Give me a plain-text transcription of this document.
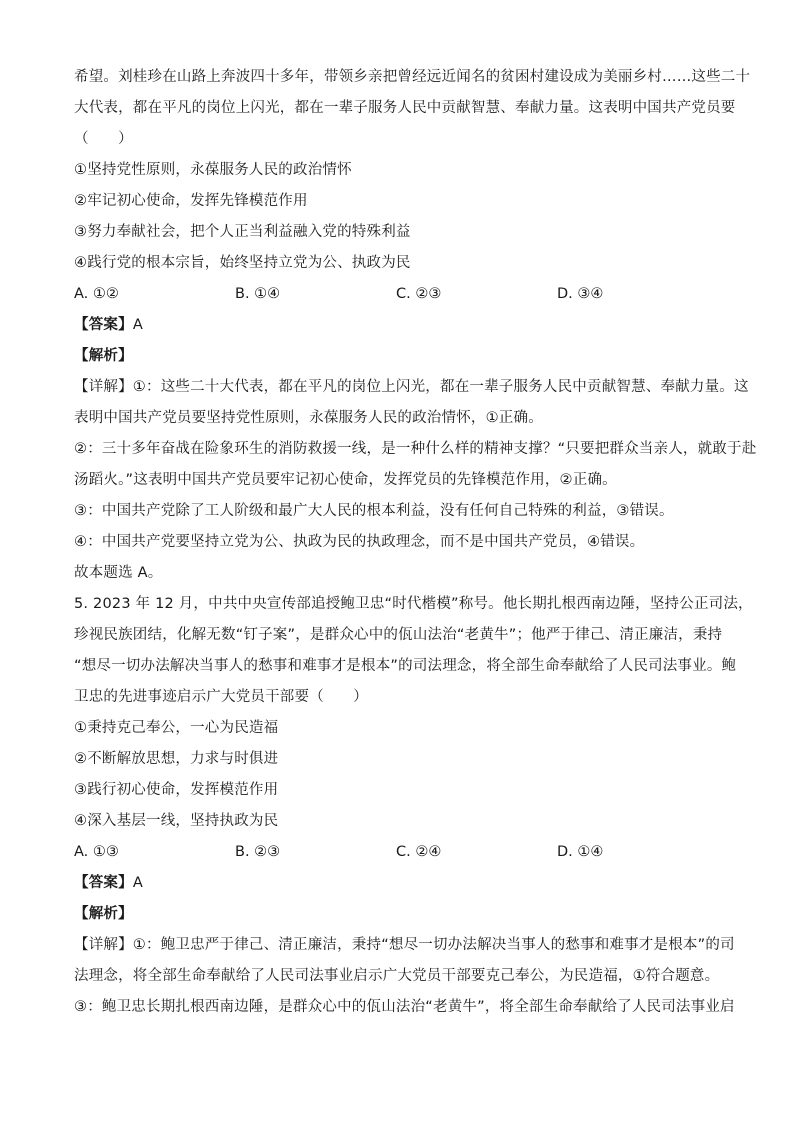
希望。刘桂珍在山路上奔波四十多年，带领乡亲把曾经远近闻名的贫困村建设成为美丽乡村……这些二十
大代表，都在平凡的岗位上闪光，都在一辈子服务人民中贡献智慧、奉献力量。这表明中国共产党员要
（　　）
①坚持党性原则，永葆服务人民的政治情怀
②牢记初心使命，发挥先锋模范作用
③努力奉献社会，把个人正当利益融入党的特殊利益
④践行党的根本宗旨，始终坚持立党为公、执政为民
A. ①②	B. ①④	C. ②③	D. ③④
【答案】A
【解析】
【详解】①：这些二十大代表，都在平凡的岗位上闪光，都在一辈子服务人民中贡献智慧、奉献力量。这
表明中国共产党员要坚持党性原则，永葆服务人民的政治情怀，①正确。
②：三十多年奋战在险象环生的消防救援一线，是一种什么样的精神支撑？“只要把群众当亲人，就敢于赴
汤蹈火。”这表明中国共产党员要牢记初心使命，发挥党员的先锋模范作用，②正确。
③：中国共产党除了工人阶级和最广大人民的根本利益，没有任何自己特殊的利益，③错误。
④：中国共产党要坚持立党为公、执政为民的执政理念，而不是中国共产党员，④错误。
故本题选 A。
5. 2023 年 12 月，中共中央宣传部追授鲍卫忠“时代楷模”称号。他长期扎根西南边陲，坚持公正司法，
珍视民族团结，化解无数“钉子案”，是群众心中的佤山法治“老黄牛”；他严于律己、清正廉洁，秉持
“想尽一切办法解决当事人的愁事和难事才是根本”的司法理念，将全部生命奉献给了人民司法事业。鲍
卫忠的先进事迹启示广大党员干部要（　　）
①秉持克己奉公，一心为民造福
②不断解放思想，力求与时俱进
③践行初心使命，发挥模范作用
④深入基层一线，坚持执政为民
A. ①③	B. ②③	C. ②④	D. ①④
【答案】A
【解析】
【详解】①：鲍卫忠严于律己、清正廉洁，秉持“想尽一切办法解决当事人的愁事和难事才是根本”的司
法理念，将全部生命奉献给了人民司法事业启示广大党员干部要克己奉公，为民造福，①符合题意。
③：鲍卫忠长期扎根西南边陲，是群众心中的佤山法治“老黄牛”，将全部生命奉献给了人民司法事业启
